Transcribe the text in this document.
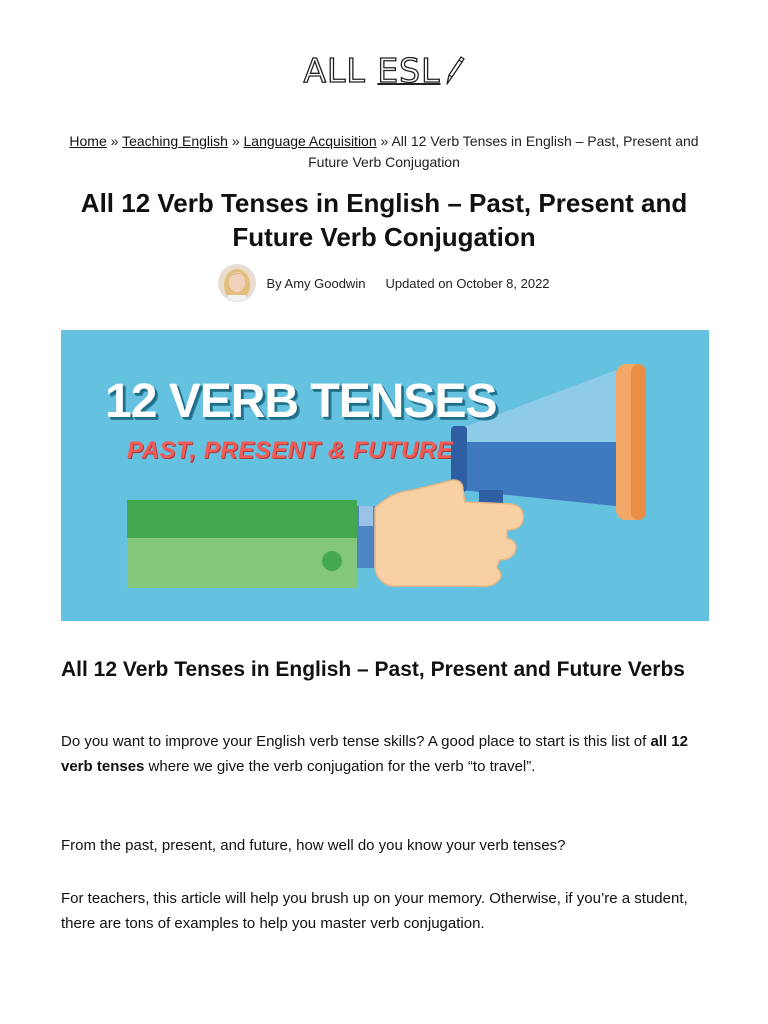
ALL ESL
Home » Teaching English » Language Acquisition » All 12 Verb Tenses in English – Past, Present and Future Verb Conjugation
All 12 Verb Tenses in English – Past, Present and Future Verb Conjugation
By Amy Goodwin Updated on
October 8, 2022
12 VERB TENSES
PAST, PRESENT & FUTURE
All 12 Verb Tenses in English – Past, Present and Future Verbs

Do you want to improve your English verb tense skills? A good place to start is this list of all 12 verb tenses where we give the verb conjugation for the verb “to travel”.

From the past, present, and future, how well do you know your verb tenses?

For teachers, this article will help you brush up on your memory. Otherwise, if you’re a student, there are tons of examples to help you master verb conjugation.
